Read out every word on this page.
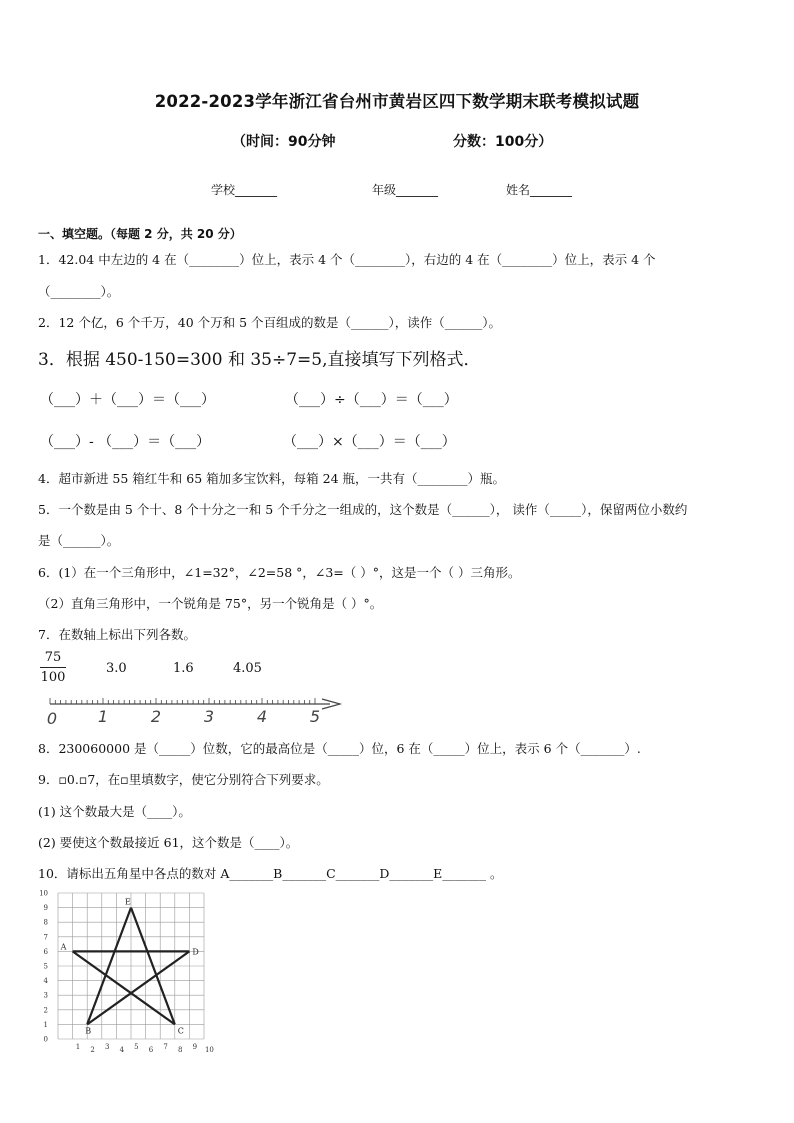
2022-2023学年浙江省台州市黄岩区四下数学期末联考模拟试题
（时间：90分钟	分数：100分）
学校_______	年级_______	姓名_______
一、填空题。（每题 2 分，共 20 分）
1．42.04 中左边的 4 在（________）位上，表示 4 个（________），右边的 4 在（________）位上，表示 4 个
（________）。
2．12 个亿，6 个千万，40 个万和 5 个百组成的数是（______），读作（______）。
3．根据 450-150=300 和 35÷7=5,直接填写下列格式．
（___）＋（___）＝（___）	（___）÷（___）＝（___）
（___）- （___）＝（___）	（___）×（___）＝（___）
4．超市新进 55 箱红牛和 65 箱加多宝饮料，每箱 24 瓶，一共有（________）瓶。
5．一个数是由 5 个十、8 个十分之一和 5 个千分之一组成的，这个数是（______）， 读作（_____），保留两位小数约
是（______）。
6．(1）在一个三角形中，∠1=32°，∠2=58 °，∠3=（ ）°，这是一个（ ）三角形。
（2）直角三角形中，一个锐角是 75°，另一个锐角是（ ）°。
7．在数轴上标出下列各数。
$\frac{75}{100}$	3.0	1.6	4.05
0	1	2	3	4	5
8．230060000 是（_____）位数，它的最高位是（_____）位，6 在（_____）位上，表示 6 个（_______）.
9．▫0.▫7，在▫里填数字，使它分别符合下列要求。
(1) 这个数最大是（____）。
(2) 要使这个数最接近 61，这个数是（____）。
10．请标出五角星中各点的数对 A_______B_______C_______D_______E_______ 。
10
9
8
7
6
5
4
3
2
1
0
1 2 3 4 5 6 7 8 9 10
A
B	C
D
E
